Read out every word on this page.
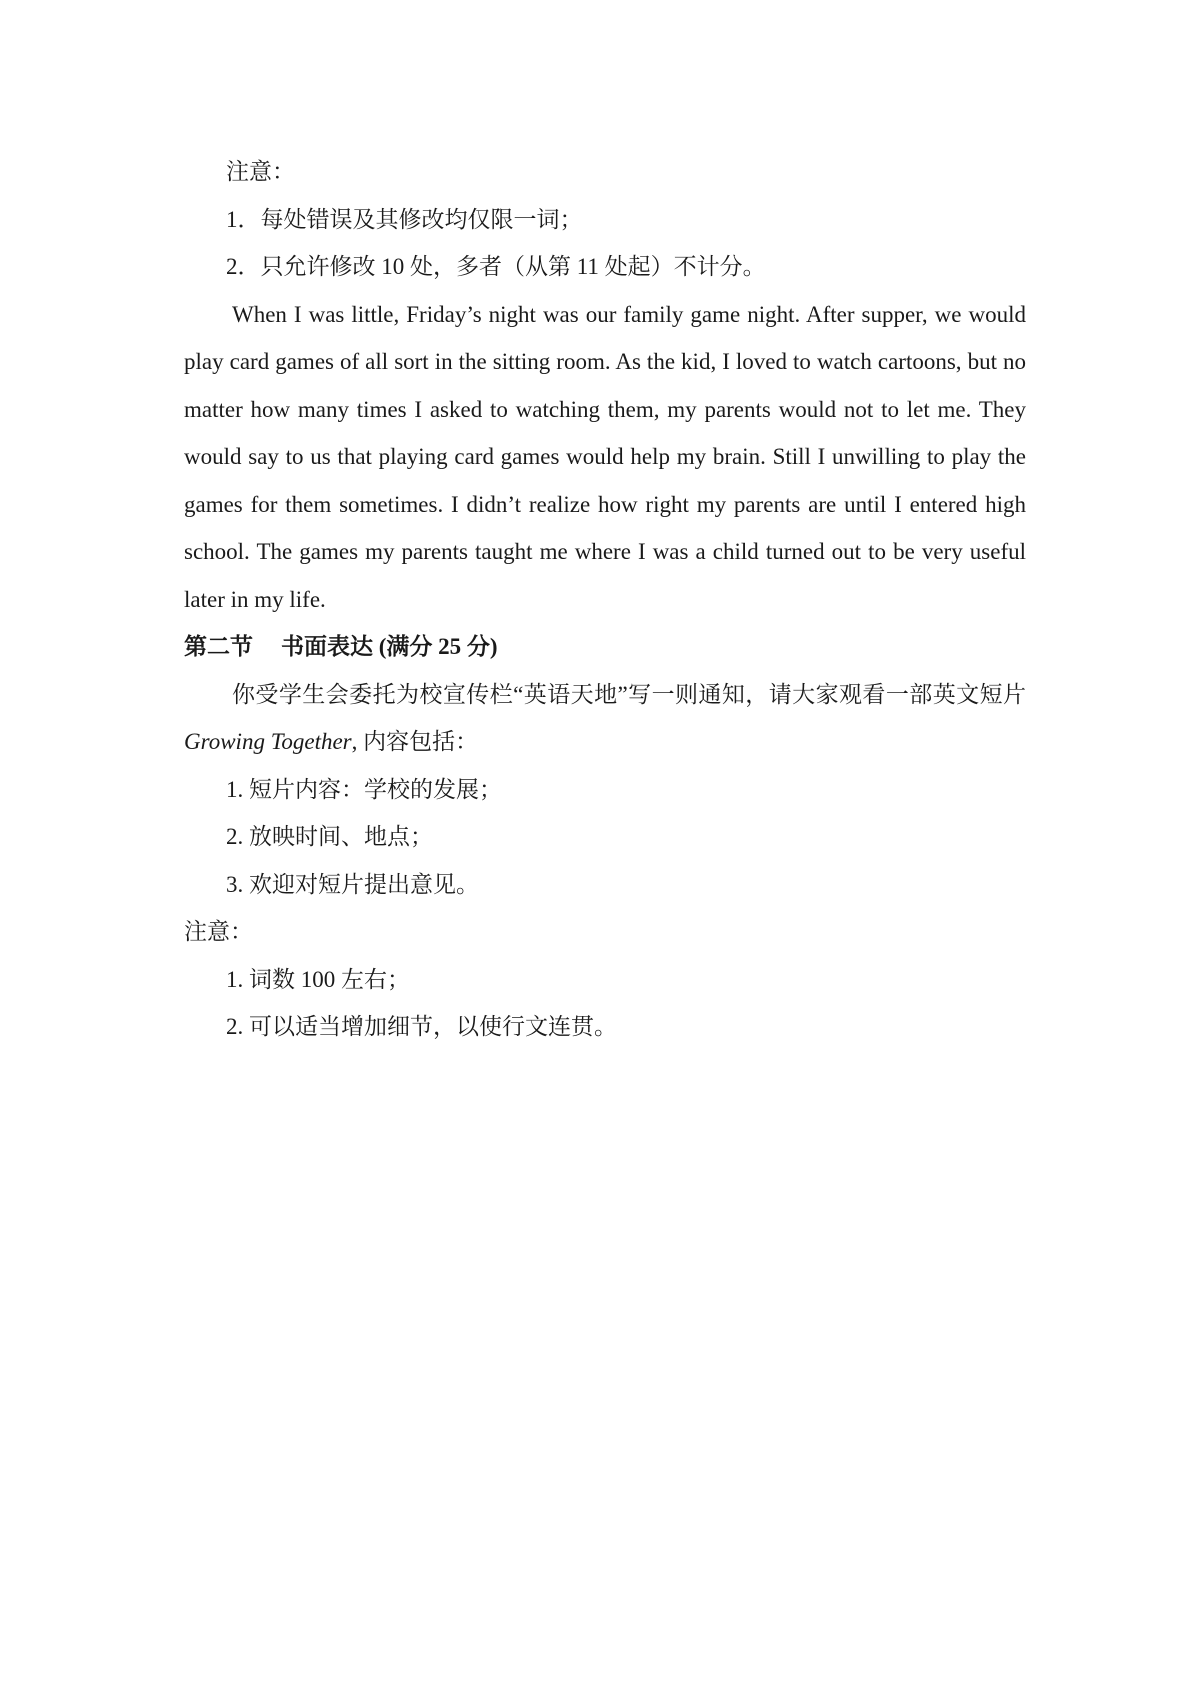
注意：

1．每处错误及其修改均仅限一词；

2．只允许修改 10 处，多者（从第 11 处起）不计分。

When I was little, Friday’s night was our family game night. After supper, we would play card games of all sort in the sitting room. As the kid, I loved to watch cartoons, but no matter how many times I asked to watching them, my parents would not to let me. They would say to us that playing card games would help my brain. Still I unwilling to play the games for them sometimes. I didn’t realize how right my parents are until I entered high school. The games my parents taught me where I was a child turned out to be very useful later in my life.

第二节 书面表达 (满分 25 分)

你受学生会委托为校宣传栏“英语天地”写一则通知，请大家观看一部英文短片 Growing Together, 内容包括：

1. 短片内容：学校的发展；

2. 放映时间、地点；

3. 欢迎对短片提出意见。

注意：

1. 词数 100 左右；

2. 可以适当增加细节，以使行文连贯。
